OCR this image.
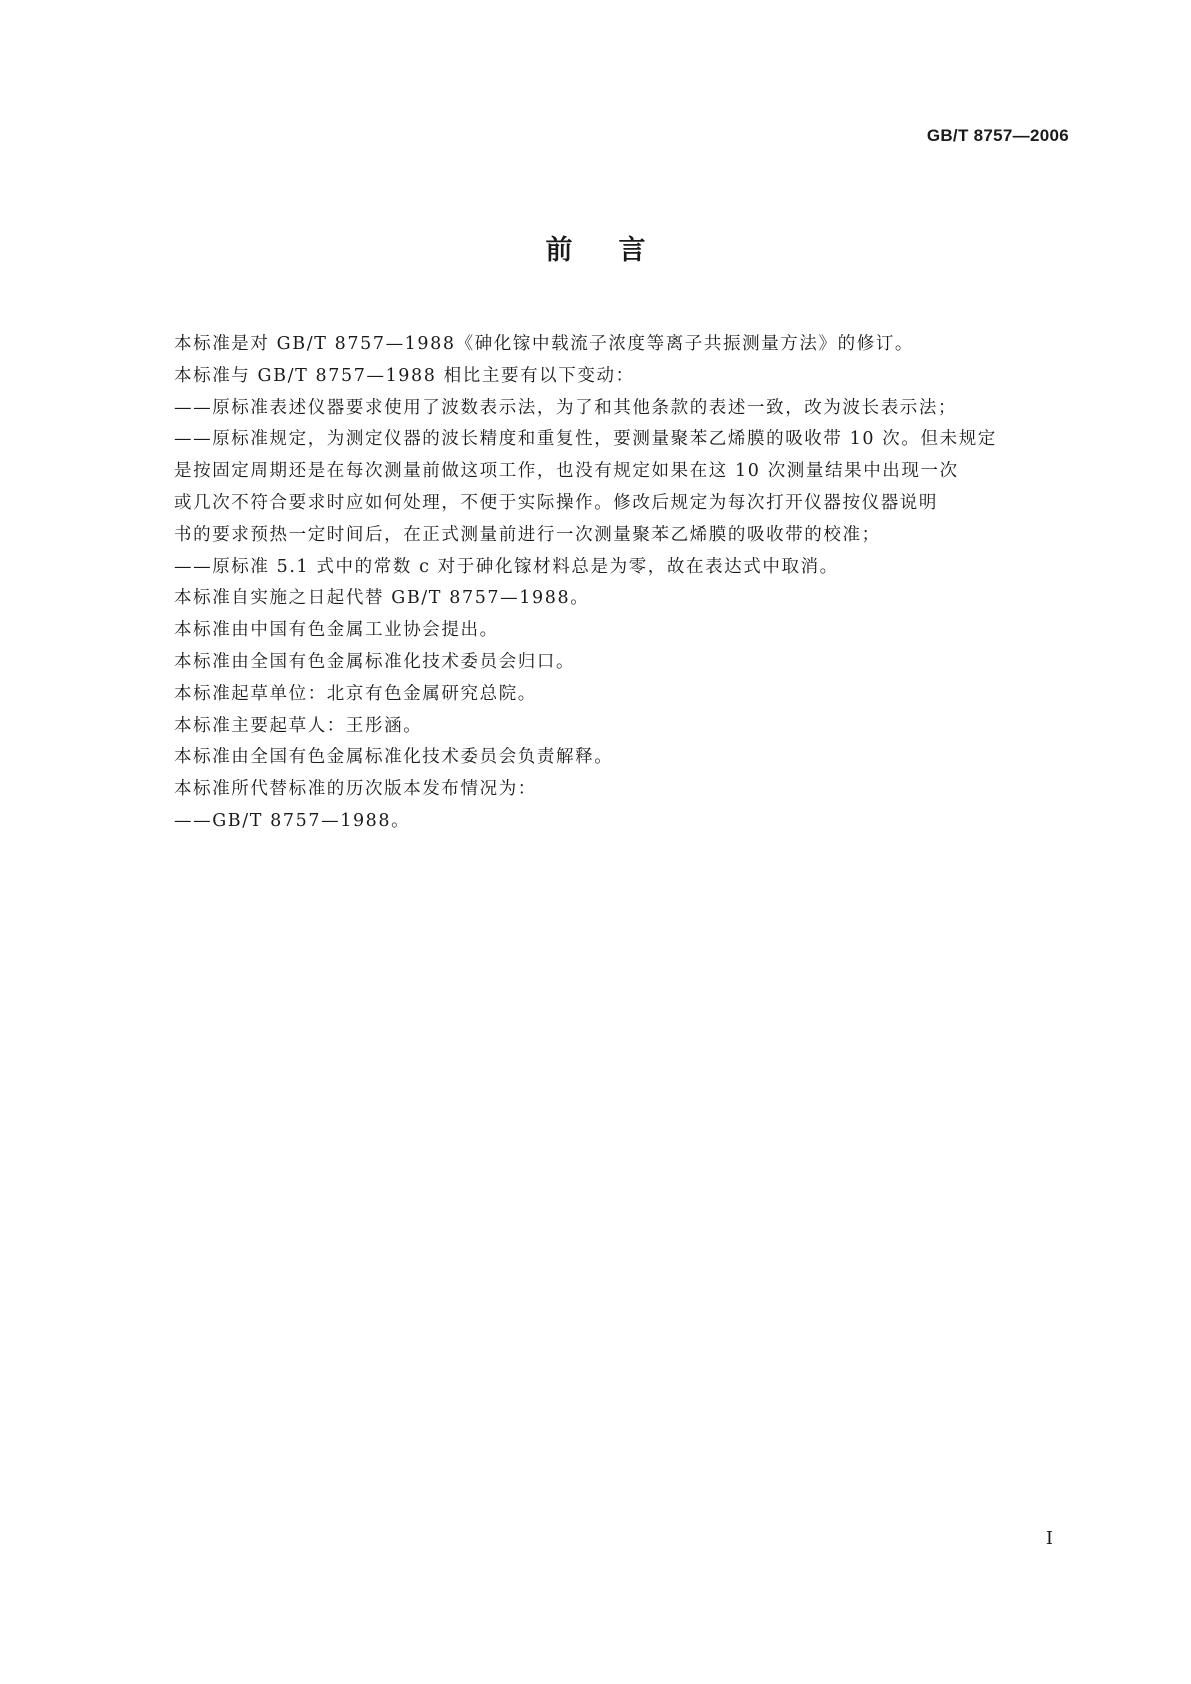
GB/T 8757—2006
前言
本标准是对 GB/T 8757—1988《砷化镓中载流子浓度等离子共振测量方法》的修订。
本标准与 GB/T 8757—1988 相比主要有以下变动：
——原标准表述仪器要求使用了波数表示法，为了和其他条款的表述一致，改为波长表示法；
——原标准规定，为测定仪器的波长精度和重复性，要测量聚苯乙烯膜的吸收带 10 次。但未规定
是按固定周期还是在每次测量前做这项工作，也没有规定如果在这 10 次测量结果中出现一次
或几次不符合要求时应如何处理，不便于实际操作。修改后规定为每次打开仪器按仪器说明
书的要求预热一定时间后，在正式测量前进行一次测量聚苯乙烯膜的吸收带的校准；
——原标准 5.1 式中的常数 c 对于砷化镓材料总是为零，故在表达式中取消。
本标准自实施之日起代替 GB/T 8757—1988。
本标准由中国有色金属工业协会提出。
本标准由全国有色金属标准化技术委员会归口。
本标准起草单位：北京有色金属研究总院。
本标准主要起草人：王彤涵。
本标准由全国有色金属标准化技术委员会负责解释。
本标准所代替标准的历次版本发布情况为：
——GB/T 8757—1988。
I
